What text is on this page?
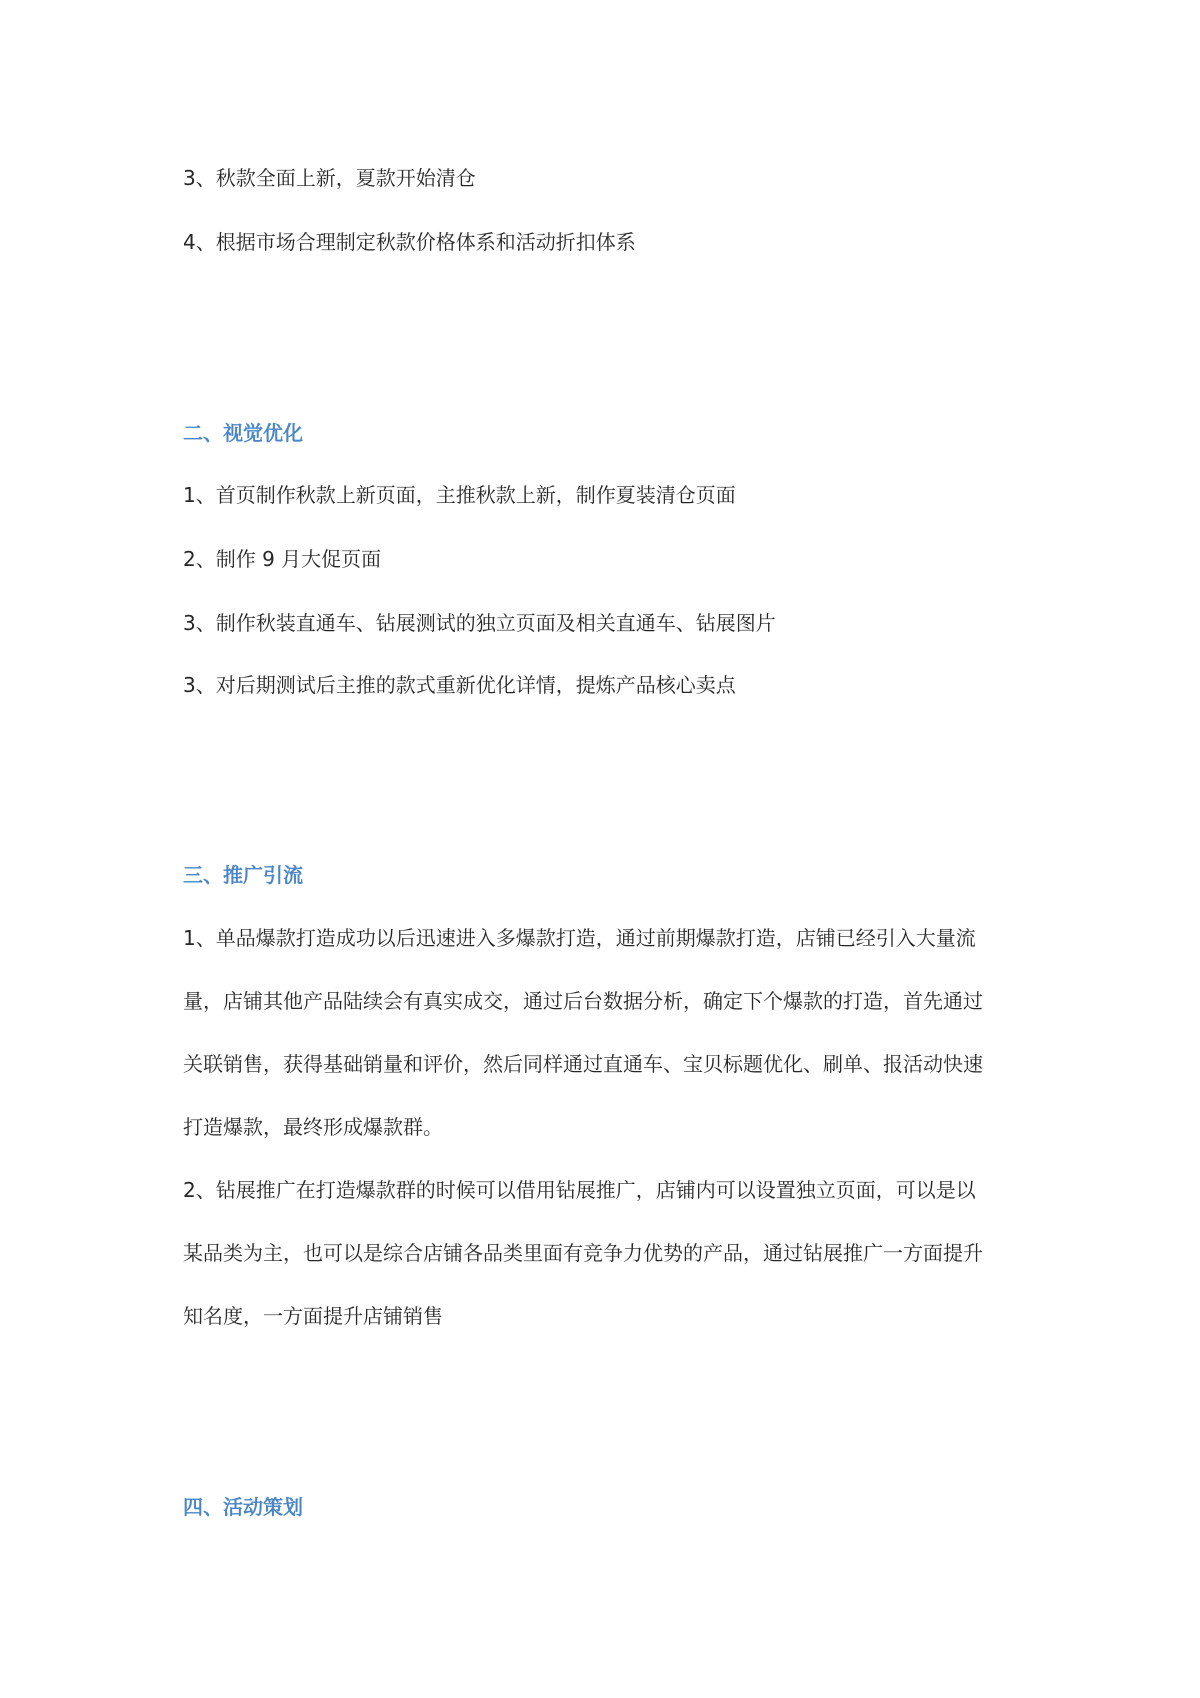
3、秋款全面上新，夏款开始清仓
4、根据市场合理制定秋款价格体系和活动折扣体系
二、视觉优化
1、首页制作秋款上新页面，主推秋款上新，制作夏装清仓页面
2、制作 9 月大促页面
3、制作秋装直通车、钻展测试的独立页面及相关直通车、钻展图片
3、对后期测试后主推的款式重新优化详情，提炼产品核心卖点
三、推广引流
1、单品爆款打造成功以后迅速进入多爆款打造，通过前期爆款打造，店铺已经引入大量流
量，店铺其他产品陆续会有真实成交，通过后台数据分析，确定下个爆款的打造，首先通过
关联销售，获得基础销量和评价，然后同样通过直通车、宝贝标题优化、刷单、报活动快速
打造爆款，最终形成爆款群。
2、钻展推广在打造爆款群的时候可以借用钻展推广，店铺内可以设置独立页面，可以是以
某品类为主，也可以是综合店铺各品类里面有竞争力优势的产品，通过钻展推广一方面提升
知名度，一方面提升店铺销售
四、活动策划
